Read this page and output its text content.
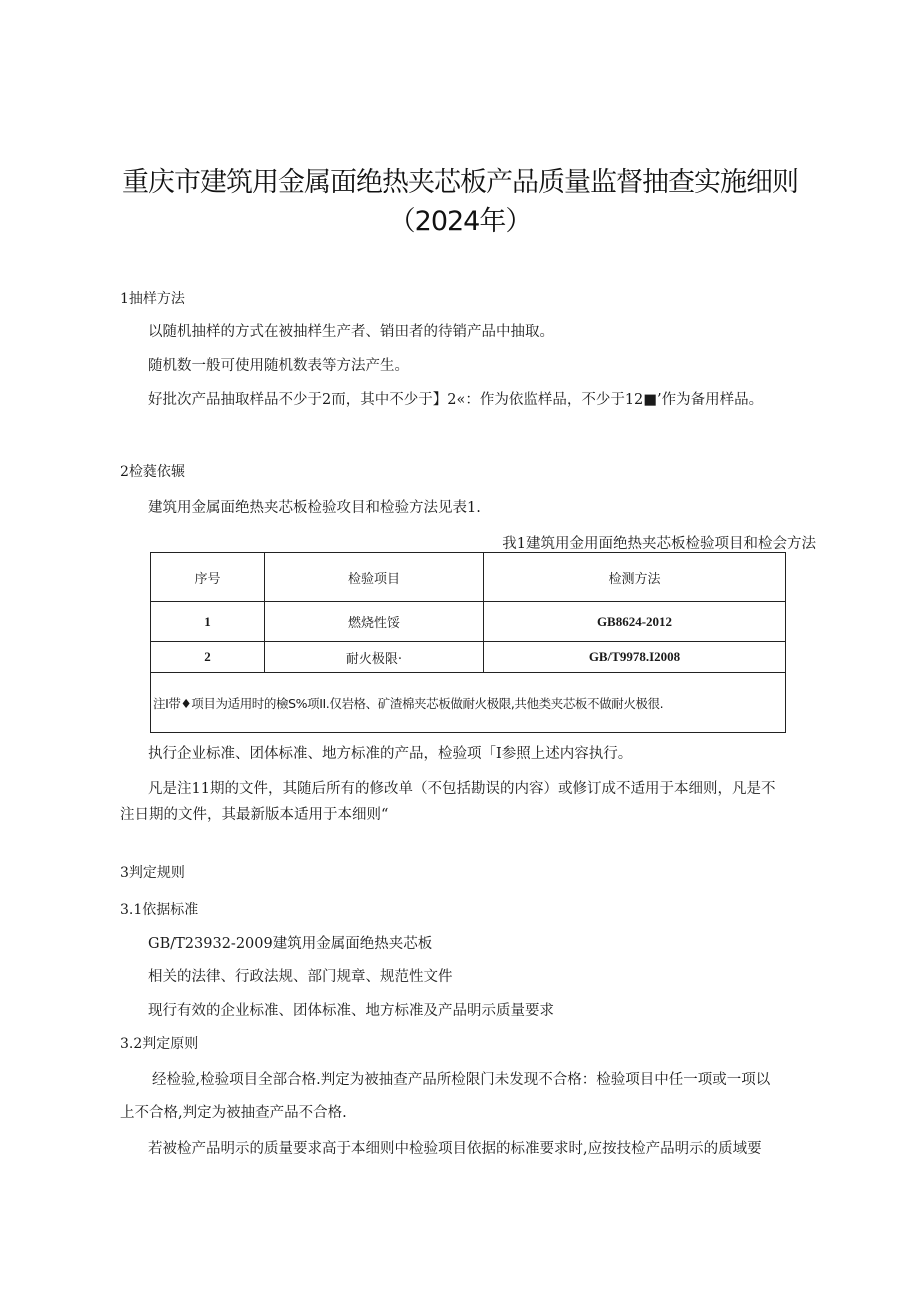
重庆市建筑用金属面绝热夹芯板产品质量监督抽查实施细则
（2024年）
1抽样方法
以随机抽样的方式在被抽样生产者、销田者的待销产品中抽取。
随机数一般可使用随机数表等方法产生。
好批次产品抽取样品不少于2而，其中不少于】2«：作为依监样品，不少于12■’作为备用样品。
2检蕤依辗
建筑用金属面绝热夹芯板检验攻目和检验方法见表1.
我1建筑用金用面绝热夹芯板检验项目和检会方法
序号	检验项目	检测方法
1	燃烧性馁	GB8624-2012
2	耐火极限·	GB/T9978.I2008
注I带♦项目为适用时的檢S%项II.仅岩格、矿渣棉夹芯板做耐火极限,共他类夹芯板不做耐火极很.		
执行企业标准、团体标准、地方标准的产品，检验项「I参照上述内容执行。
凡是注11期的文件，其随后所有的修改单（不包括勘误的内容）或修订成不适用于本细则，凡是不
注日期的文件，其最新版本适用于本细则“
3判定规则
3.1依据标准
GB/T23932-2009建筑用金属面绝热夹芯板
相关的法律、行政法规、部门规章、规范性文件
现行有效的企业标准、团体标准、地方标准及产品明示质量要求
3.2判定原则
经检验,检验项目全部合格.判定为被抽查产品所检限门未发现不合格：检验项目中任一项或一项以
上不合格,判定为被抽查产品不合格.
若被检产品明示的质量要求高于本细则中检验项目依据的标准要求时,应按技检产品明示的质域要
